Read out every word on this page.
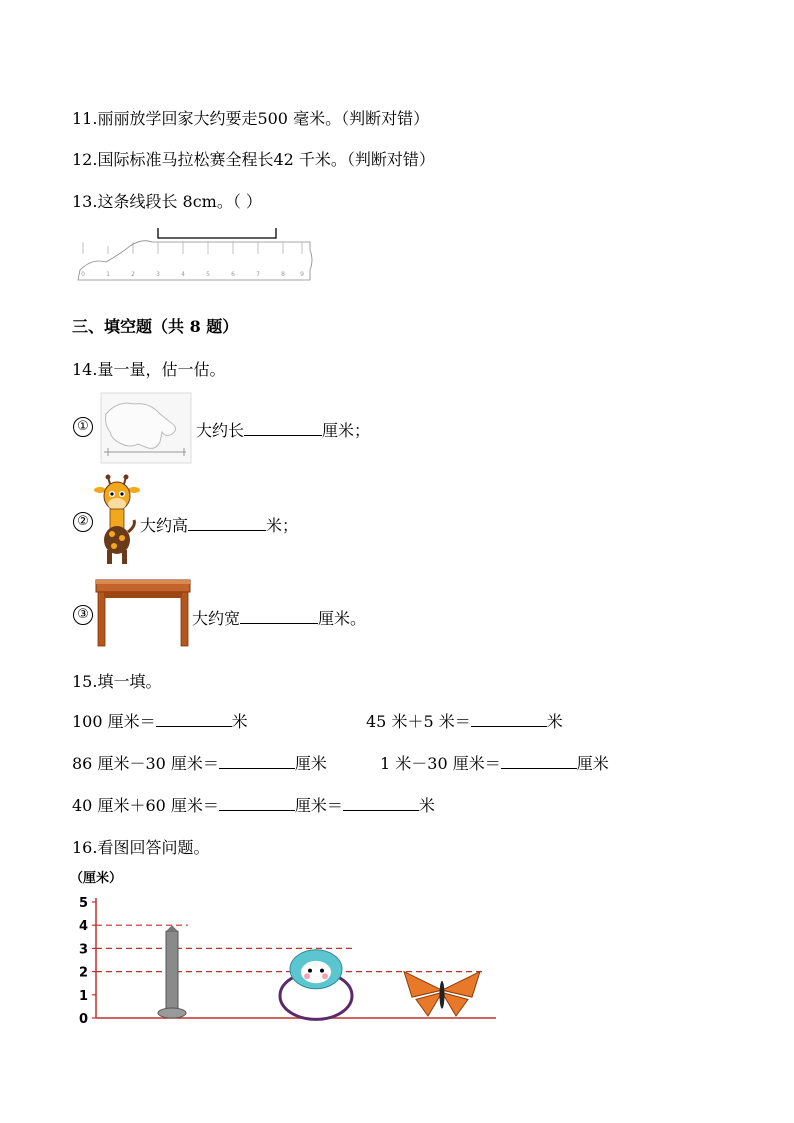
11.丽丽放学回家大约要走500 毫米。（判断对错）
12.国际标准马拉松赛全程长42 千米。（判断对错）
13.这条线段长 8cm。（ ）
0	1	2	3	4	5	6	7	8	9
三、填空题（共 8 题）
14.量一量，估一估。
①	大约长	厘米；
②	大约高	米；
③	大约宽	厘米。
15.填一填。
100 厘米＝	米	45 米＋5 米＝	米
86 厘米－30 厘米＝	厘米	1 米－30 厘米＝	厘米
40 厘米＋60 厘米＝	厘米＝	米
16.看图回答问题。
（厘米）
0
1
2
3
4
5
